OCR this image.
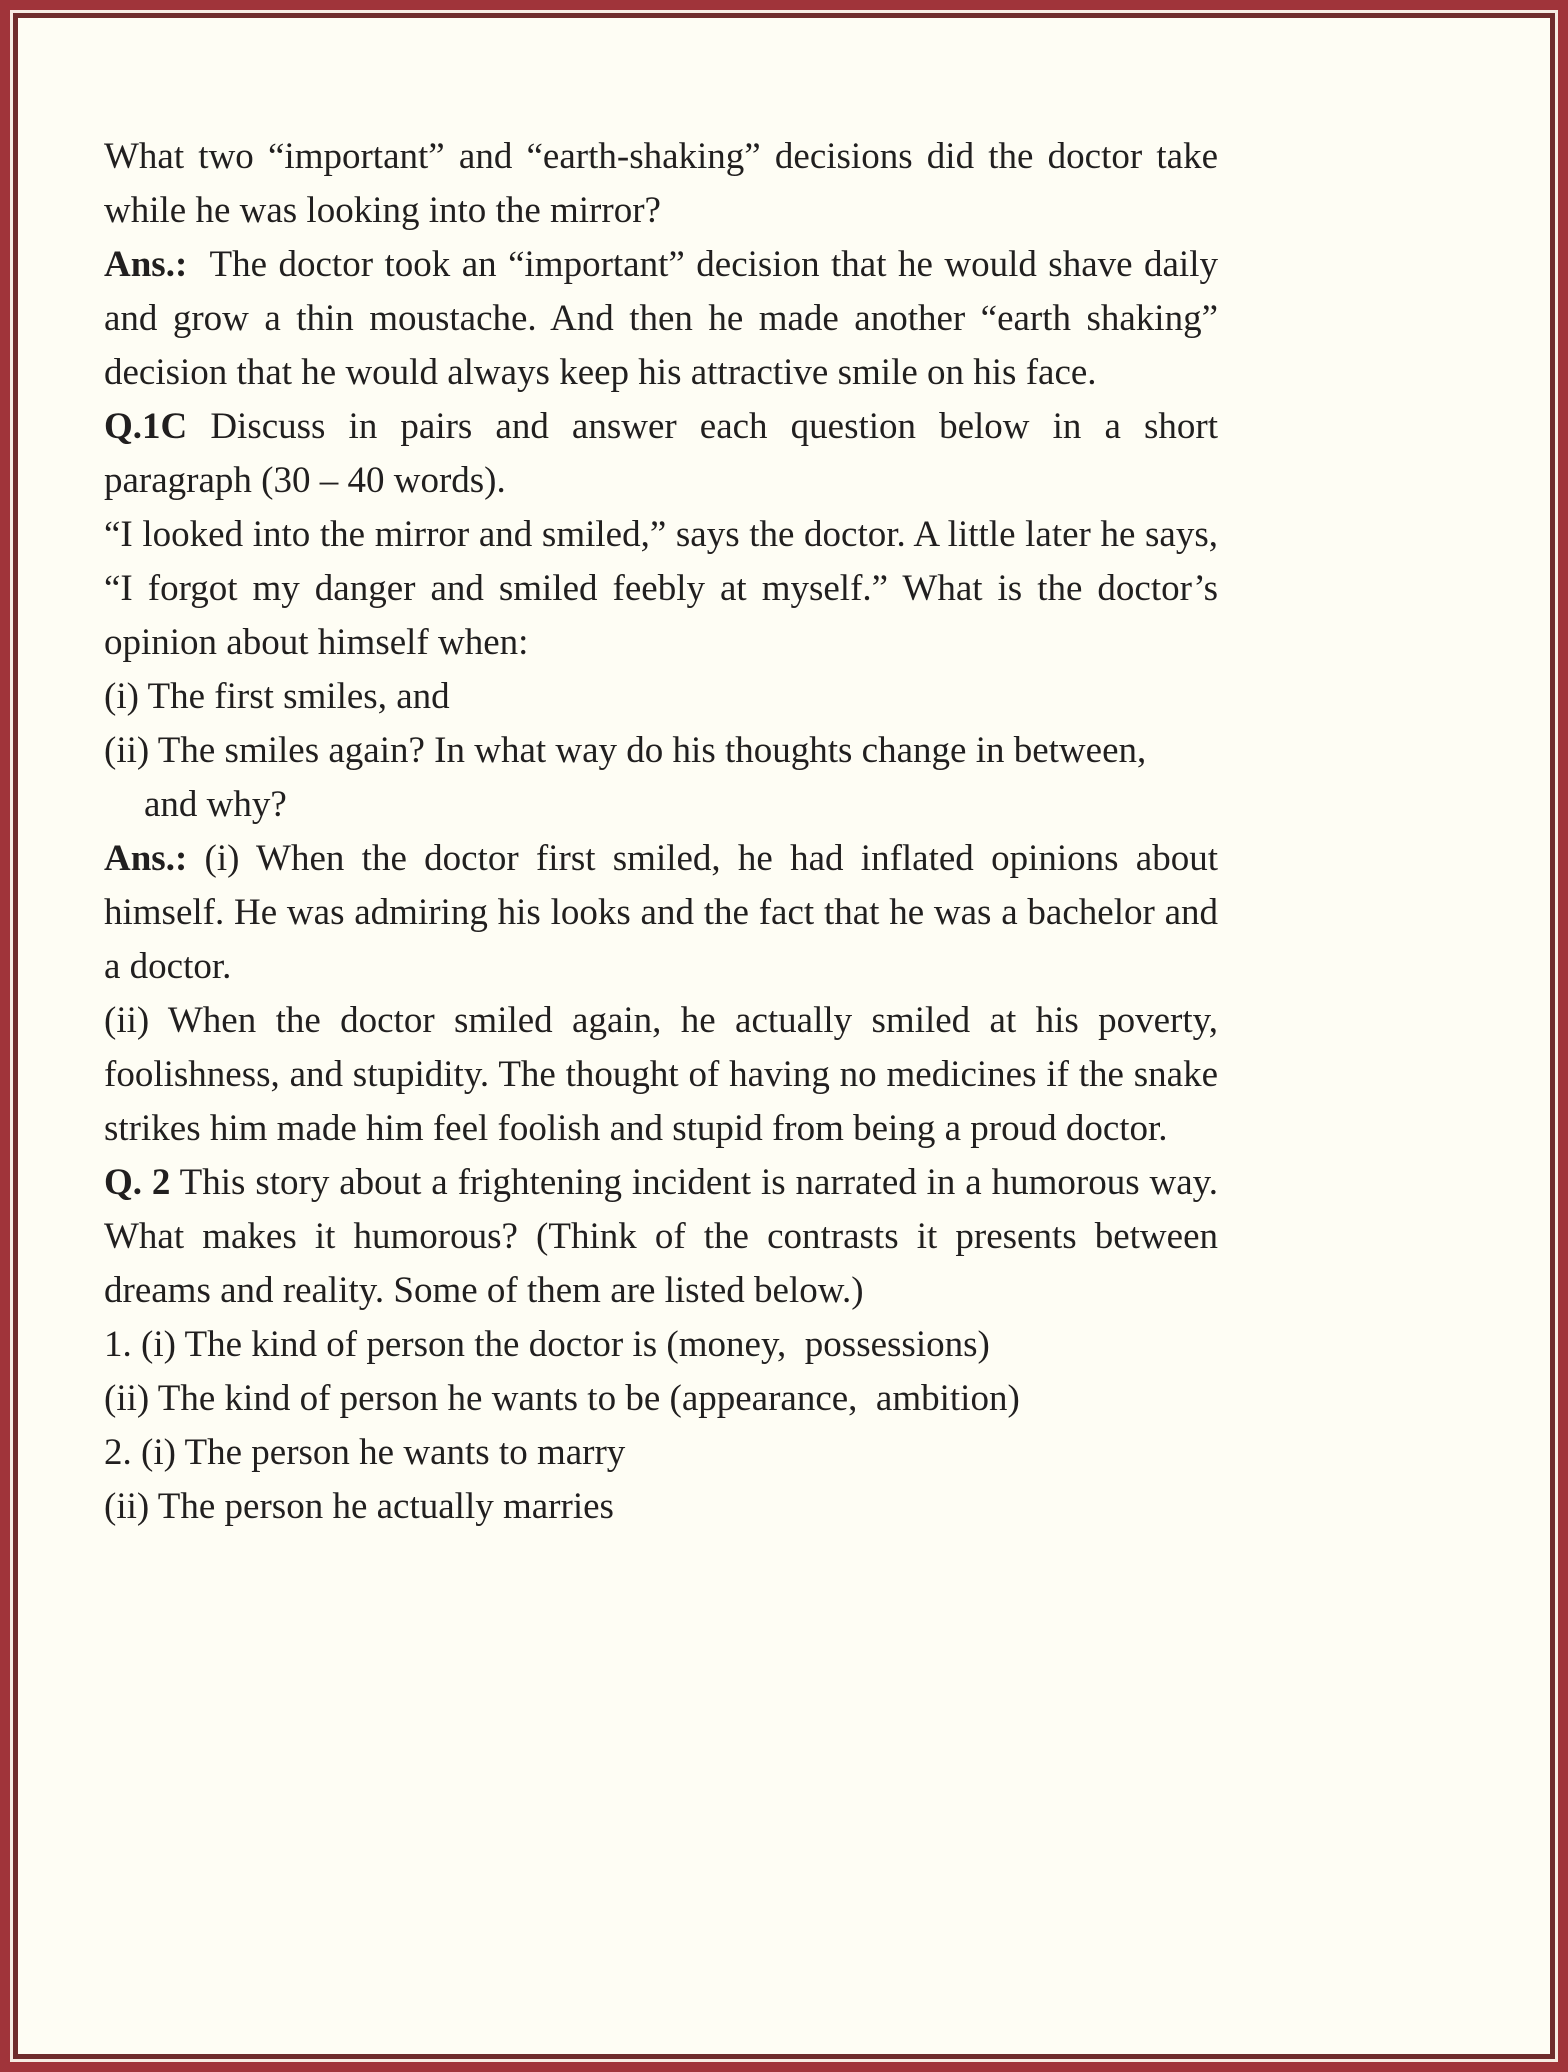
What two “important” and “earth-shaking” decisions did the doctor take while he was looking into the mirror?

Ans.:  The doctor took an “important” decision that he would shave daily and grow a thin moustache. And then he made another “earth shaking” decision that he would always keep his attractive smile on his face.

Q.1C Discuss in pairs and answer each question below in a short paragraph (30 – 40 words).

“I looked into the mirror and smiled,” says the doctor. A little later he says, “I forgot my danger and smiled feebly at myself.” What is the doctor’s opinion about himself when:

(i) The first smiles, and

(ii) The smiles again? In what way do his thoughts change in between,

and why?

Ans.: (i) When the doctor first smiled, he had inflated opinions about himself. He was admiring his looks and the fact that he was a bachelor and a doctor.

(ii) When the doctor smiled again, he actually smiled at his poverty, foolishness, and stupidity. The thought of having no medicines if the snake strikes him made him feel foolish and stupid from being a proud doctor.

Q. 2 This story about a frightening incident is narrated in a humorous way. What makes it humorous? (Think of the contrasts it presents between dreams and reality. Some of them are listed below.)

1. (i) The kind of person the doctor is (money,  possessions)

(ii) The kind of person he wants to be (appearance,  ambition)

2. (i) The person he wants to marry

(ii) The person he actually marries
